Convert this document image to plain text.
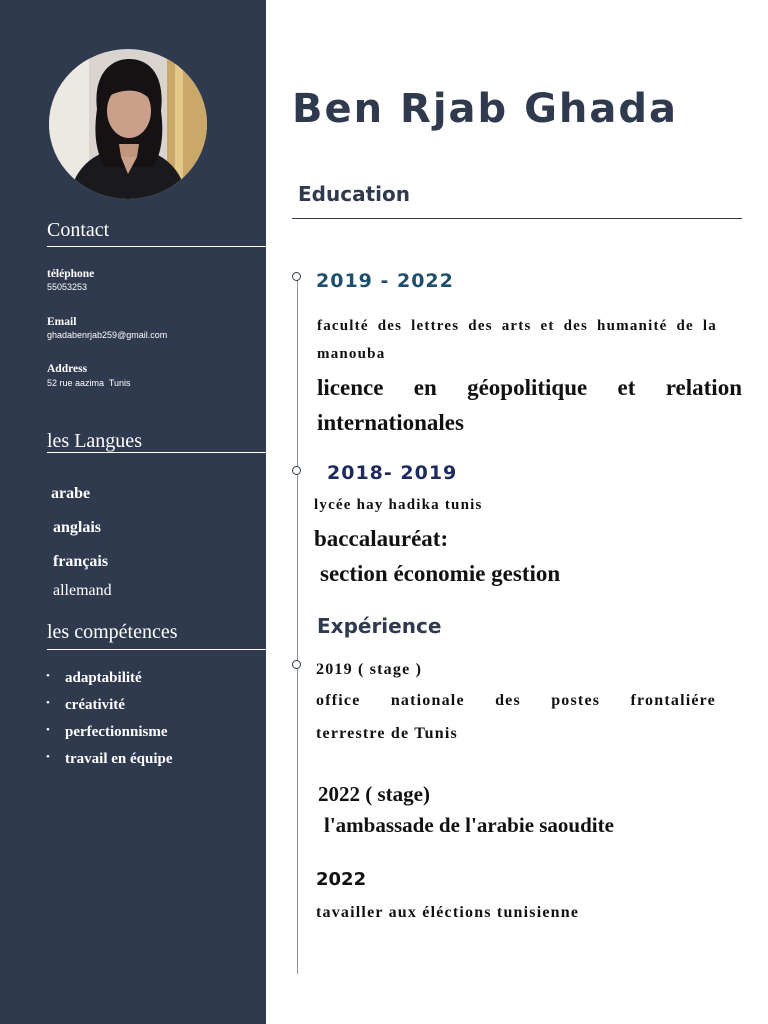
Contact
téléphone
55053253
Email
ghadabenrjab259@gmail.com
Address
52 rue aazima  Tunis
les Langues
arabe
anglais
français
allemand
les compétences
• adaptabilité
• créativité
• perfectionnisme
• travail en équipe
Ben Rjab Ghada
Education
2019 - 2022
faculté des lettres des arts et des humanité de la
manouba
licence en géopolitique et relation
internationales
2018- 2019
lycée hay hadika tunis
baccalauréat:
section économie gestion
Expérience
2019 ( stage )
office nationale des postes frontaliére
terrestre de Tunis
2022 ( stage)
l'ambassade de l'arabie saoudite
2022
tavailler aux éléctions tunisienne
